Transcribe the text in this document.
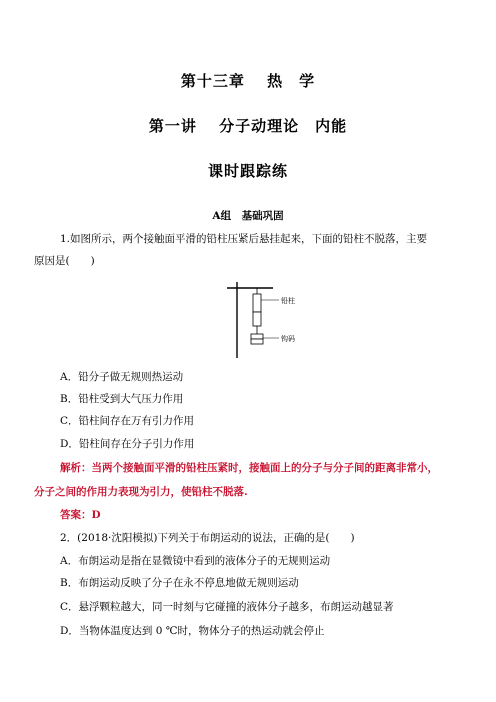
第十三章　 热　学
第一讲　 分子动理论　内能
课时跟踪练
A组　基础巩固
1.如图所示，两个接触面平滑的铅柱压紧后悬挂起来，下面的铅柱不脱落，主要
原因是(　　)
铅柱
钩码
A．铅分子做无规则热运动
B．铅柱受到大气压力作用
C．铅柱间存在万有引力作用
D．铅柱间存在分子引力作用
解析：当两个接触面平滑的铅柱压紧时，接触面上的分子与分子间的距离非常小，
分子之间的作用力表现为引力，使铅柱不脱落.
答案：D
2．(2018·沈阳模拟)下列关于布朗运动的说法，正确的是(　　)
A．布朗运动是指在显微镜中看到的液体分子的无规则运动
B．布朗运动反映了分子在永不停息地做无规则运动
C．悬浮颗粒越大，同一时刻与它碰撞的液体分子越多，布朗运动越显著
D．当物体温度达到 0 ℃时，物体分子的热运动就会停止
